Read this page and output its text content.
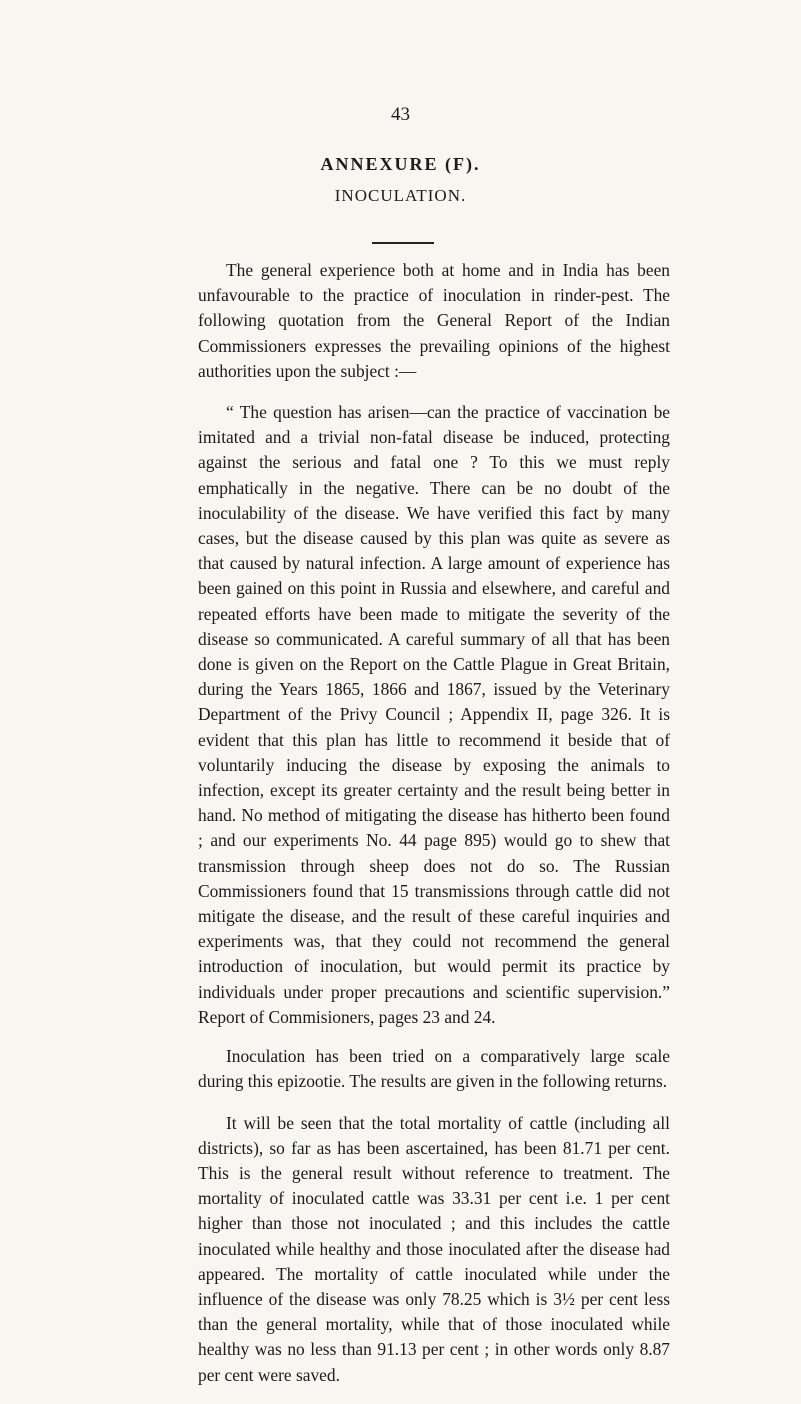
43
ANNEXURE (F).
INOCULATION.

The general experience both at home and in India has been unfavourable to the practice of inoculation in rinder-pest. The following quotation from the General Report of the Indian Commissioners expresses the prevailing opinions of the highest authorities upon the subject :—

“ The question has arisen—can the practice of vaccination be imitated and a trivial non-fatal disease be induced, protecting against the serious and fatal one ? To this we must reply emphatically in the negative. There can be no doubt of the inoculability of the disease. We have verified this fact by many cases, but the disease caused by this plan was quite as severe as that caused by natural infection. A large amount of experience has been gained on this point in Russia and elsewhere, and careful and repeated efforts have been made to mitigate the severity of the disease so communicated. A careful summary of all that has been done is given on the Report on the Cattle Plague in Great Britain, during the Years 1865, 1866 and 1867, issued by the Veterinary Department of the Privy Council ; Appendix II, page 326. It is evident that this plan has little to recommend it beside that of voluntarily inducing the disease by exposing the animals to infection, except its greater certainty and the result being better in hand. No method of mitigating the disease has hitherto been found ; and our experiments No. 44 page 895) would go to shew that transmission through sheep does not do so. The Russian Commissioners found that 15 transmissions through cattle did not mitigate the disease, and the result of these careful inquiries and experiments was, that they could not recommend the general introduction of inoculation, but would permit its practice by individuals under proper precautions and scientific supervision.” Report of Commisioners, pages 23 and 24.

Inoculation has been tried on a comparatively large scale during this epizootie. The results are given in the following returns.

It will be seen that the total mortality of cattle (including all districts), so far as has been ascertained, has been 81.71 per cent. This is the general result without reference to treatment. The mortality of inoculated cattle was 33.31 per cent i.e. 1 per cent higher than those not inoculated ; and this includes the cattle inoculated while healthy and those inoculated after the disease had appeared. The mortality of cattle inoculated while under the influence of the disease was only 78.25 which is 3½ per cent less than the general mortality, while that of those inoculated while healthy was no less than 91.13 per cent ; in other words only 8.87 per cent were saved.
